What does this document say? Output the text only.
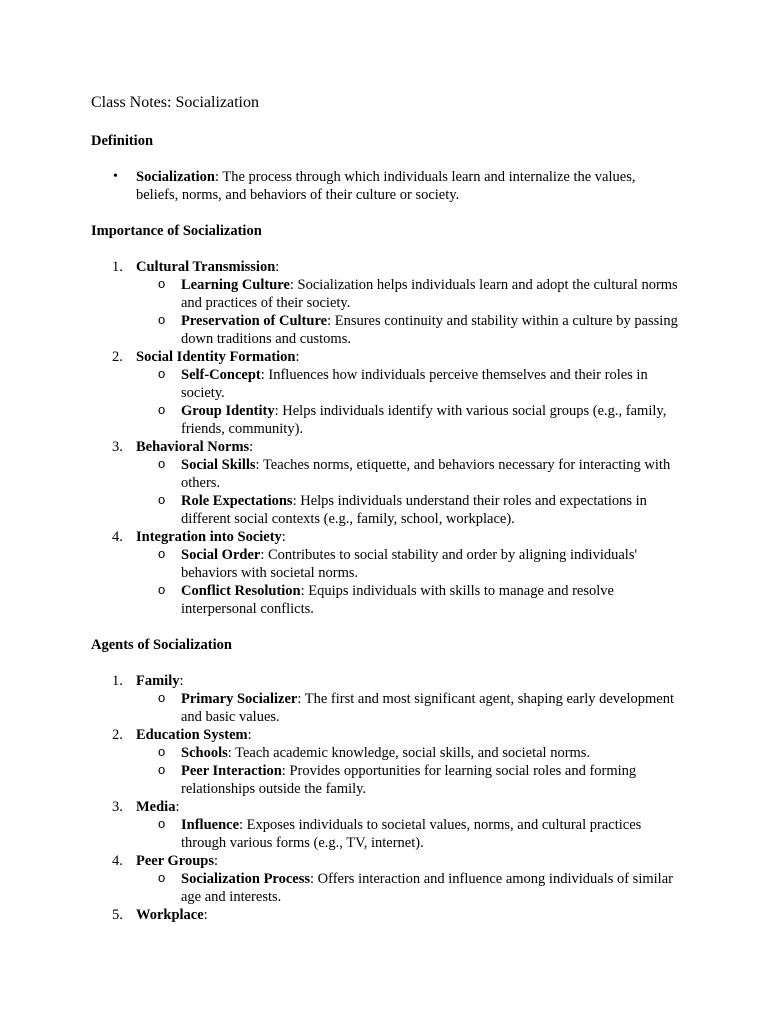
Class Notes: Socialization
Definition
• Socialization: The process through which individuals learn and internalize the values, beliefs, norms, and behaviors of their culture or society.
Importance of Socialization
1. Cultural Transmission:
o Learning Culture: Socialization helps individuals learn and adopt the cultural norms and practices of their society.
o Preservation of Culture: Ensures continuity and stability within a culture by passing down traditions and customs.
2. Social Identity Formation:
o Self-Concept: Influences how individuals perceive themselves and their roles in society.
o Group Identity: Helps individuals identify with various social groups (e.g., family, friends, community).
3. Behavioral Norms:
o Social Skills: Teaches norms, etiquette, and behaviors necessary for interacting with others.
o Role Expectations: Helps individuals understand their roles and expectations in different social contexts (e.g., family, school, workplace).
4. Integration into Society:
o Social Order: Contributes to social stability and order by aligning individuals' behaviors with societal norms.
o Conflict Resolution: Equips individuals with skills to manage and resolve interpersonal conflicts.
Agents of Socialization
1. Family:
o Primary Socializer: The first and most significant agent, shaping early development and basic values.
2. Education System:
o Schools: Teach academic knowledge, social skills, and societal norms.
o Peer Interaction: Provides opportunities for learning social roles and forming relationships outside the family.
3. Media:
o Influence: Exposes individuals to societal values, norms, and cultural practices through various forms (e.g., TV, internet).
4. Peer Groups:
o Socialization Process: Offers interaction and influence among individuals of similar age and interests.
5. Workplace:
